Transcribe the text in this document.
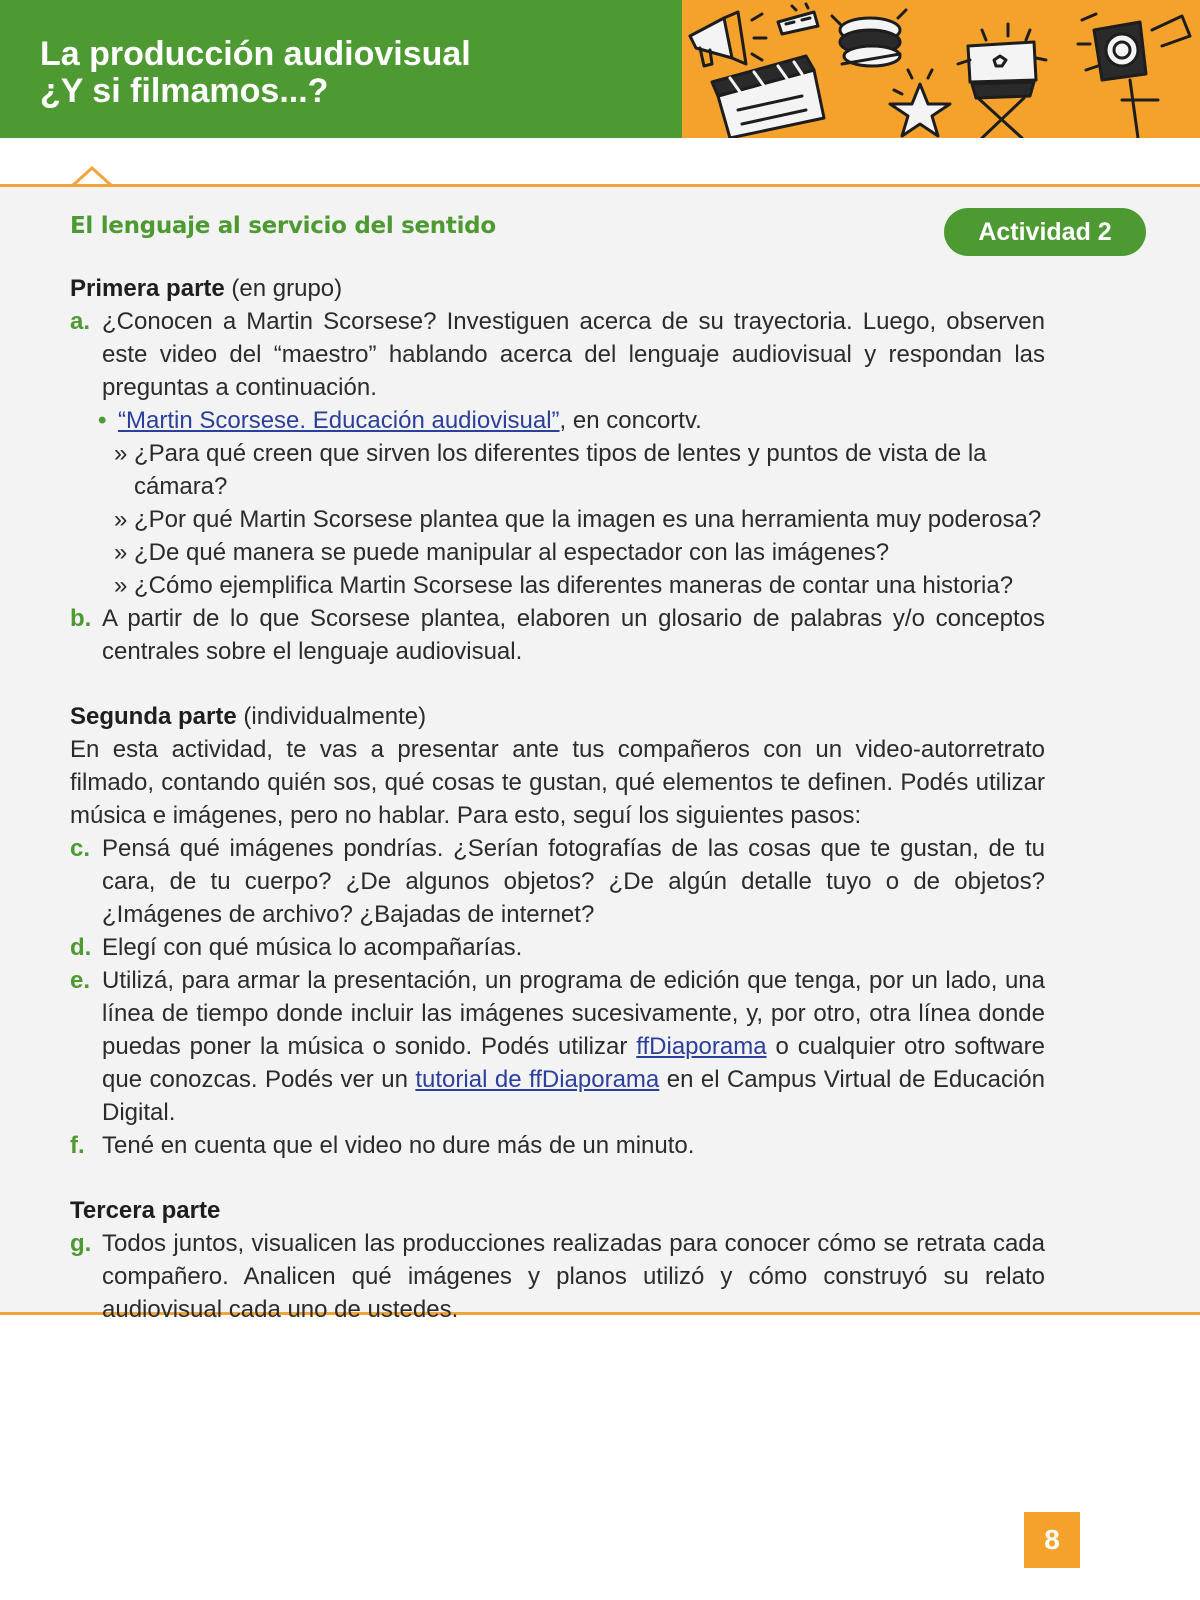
La producción audiovisual
¿Y si filmamos...?
El lenguaje al servicio del sentido	Actividad 2

Primera parte (en grupo)

a. ¿Conocen a Martin Scorsese? Investiguen acerca de su trayectoria. Luego, observen este video del “maestro” hablando acerca del lenguaje audiovisual y respondan las preguntas a continuación.

• “Martin Scorsese. Educación audiovisual”, en concortv.

» ¿Para qué creen que sirven los diferentes tipos de lentes y puntos de vista de la cámara?

» ¿Por qué Martin Scorsese plantea que la imagen es una herramienta muy poderosa?

» ¿De qué manera se puede manipular al espectador con las imágenes?

» ¿Cómo ejemplifica Martin Scorsese las diferentes maneras de contar una historia?

b. A partir de lo que Scorsese plantea, elaboren un glosario de palabras y/o conceptos centrales sobre el lenguaje audiovisual.

Segunda parte (individualmente)

En esta actividad, te vas a presentar ante tus compañeros con un video-autorretrato filmado, contando quién sos, qué cosas te gustan, qué elementos te definen. Podés utilizar música e imágenes, pero no hablar. Para esto, seguí los siguientes pasos:

c. Pensá qué imágenes pondrías. ¿Serían fotografías de las cosas que te gustan, de tu cara, de tu cuerpo? ¿De algunos objetos? ¿De algún detalle tuyo o de objetos? ¿Imágenes de archivo? ¿Bajadas de internet?

d. Elegí con qué música lo acompañarías.

e. Utilizá, para armar la presentación, un programa de edición que tenga, por un lado, una línea de tiempo donde incluir las imágenes sucesivamente, y, por otro, otra línea donde puedas poner la música o sonido. Podés utilizar ffDiaporama o cualquier otro software que conozcas. Podés ver un tutorial de ffDiaporama en el Campus Virtual de Educación Digital.

f. Tené en cuenta que el video no dure más de un minuto.

Tercera parte

g. Todos juntos, visualicen las producciones realizadas para conocer cómo se retrata cada compañero. Analicen qué imágenes y planos utilizó y cómo construyó su relato audiovisual cada uno de ustedes.

8
